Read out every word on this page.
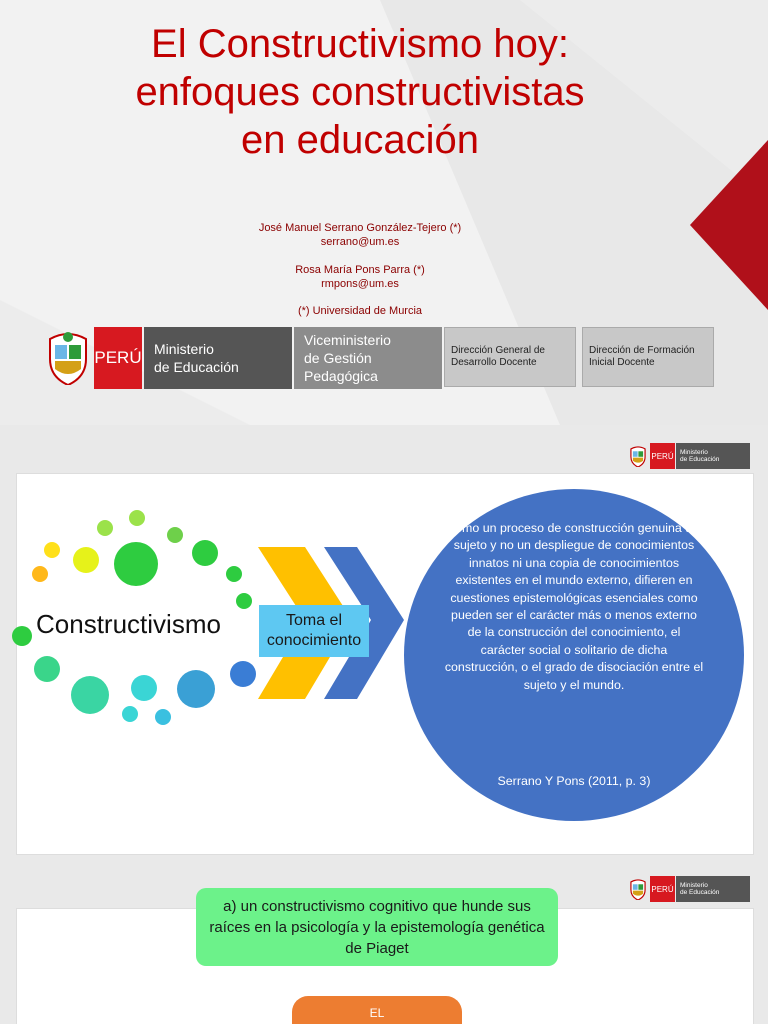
El Constructivismo hoy:
enfoques constructivistas
en educación
José Manuel Serrano González-Tejero (*)
serrano@um.es
Rosa María Pons Parra (*)
rmpons@um.es
(*) Universidad de Murcia
PERÚ Ministerio
de Educación
Viceministerio
de Gestión Pedagógica
Dirección General de
Desarrollo Docente
Dirección de Formación
Inicial Docente
PERÚ Ministerio
de Educación
Constructivismo	Toma el
conocimiento
Como un proceso de construcción genuina del sujeto y no un despliegue de conocimientos innatos ni una copia de conocimientos existentes en el mundo externo, difieren en cuestiones epistemológicas esenciales como pueden ser el carácter más o menos externo de la construcción del conocimiento, el carácter social o solitario de dicha construcción, o el grado de disociación entre el sujeto y el mundo.
Serrano Y Pons (2011, p. 3)
PERÚ Ministerio
de Educación
a) un constructivismo cognitivo que hunde sus raíces en la psicología y la epistemología genética de Piaget
EL
